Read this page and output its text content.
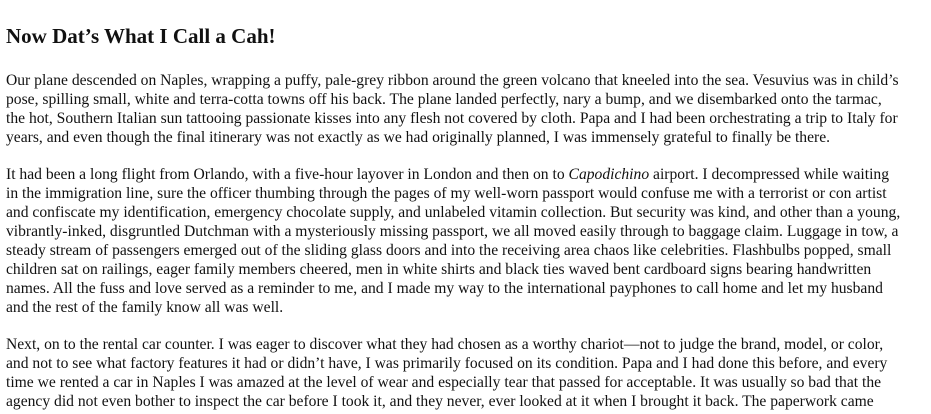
Now Dat’s What I Call a Cah!

Our plane descended on Naples, wrapping a puffy, pale-grey ribbon around the green volcano that kneeled into the sea. Vesuvius was in child’s
pose, spilling small, white and terra-cotta towns off his back. The plane landed perfectly, nary a bump, and we disembarked onto the tarmac,
the hot, Southern Italian sun tattooing passionate kisses into any flesh not covered by cloth. Papa and I had been orchestrating a trip to Italy for
years, and even though the final itinerary was not exactly as we had originally planned, I was immensely grateful to finally be there.

It had been a long flight from Orlando, with a five-hour layover in London and then on to Capodichino airport. I decompressed while waiting
in the immigration line, sure the officer thumbing through the pages of my well-worn passport would confuse me with a terrorist or con artist
and confiscate my identification, emergency chocolate supply, and unlabeled vitamin collection. But security was kind, and other than a young,
vibrantly-inked, disgruntled Dutchman with a mysteriously missing passport, we all moved easily through to baggage claim. Luggage in tow, a
steady stream of passengers emerged out of the sliding glass doors and into the receiving area chaos like celebrities. Flashbulbs popped, small
children sat on railings, eager family members cheered, men in white shirts and black ties waved bent cardboard signs bearing handwritten
names. All the fuss and love served as a reminder to me, and I made my way to the international payphones to call home and let my husband
and the rest of the family know all was well.

Next, on to the rental car counter. I was eager to discover what they had chosen as a worthy chariot—not to judge the brand, model, or color,
and not to see what factory features it had or didn’t have, I was primarily focused on its condition. Papa and I had done this before, and every
time we rented a car in Naples I was amazed at the level of wear and especially tear that passed for acceptable. It was usually so bad that the
agency did not even bother to inspect the car before I took it, and they never, ever looked at it when I brought it back. The paperwork came
